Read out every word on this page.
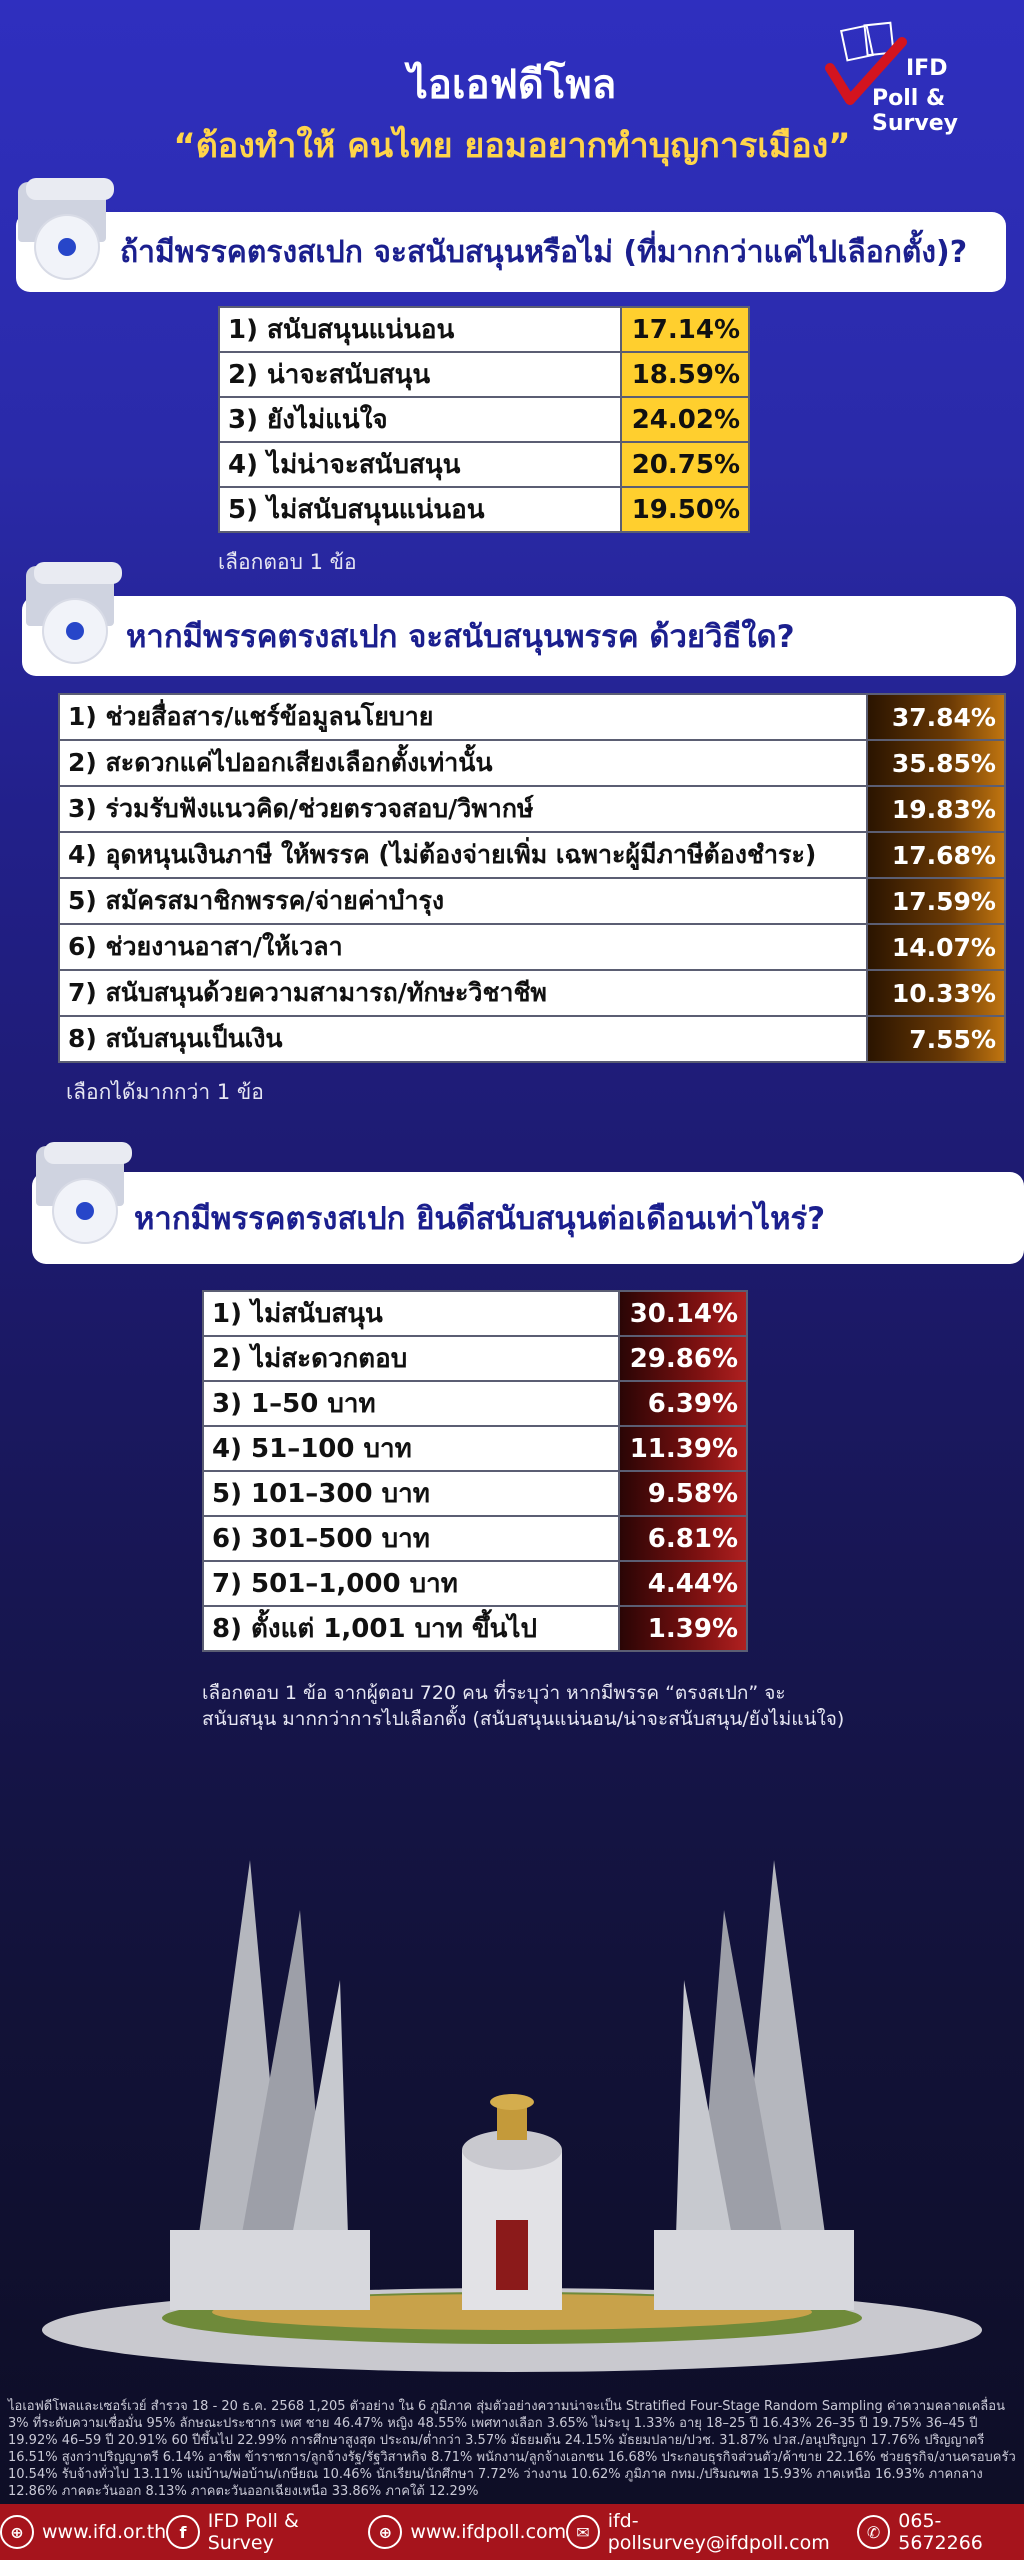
ไอเอฟดีโพล
“ต้องทำให้ คนไทย ยอมอยากทำบุญการเมือง”
IFD
Poll & Survey
ถ้ามีพรรคตรงสเปก จะสนับสนุนหรือไม่ (ที่มากกว่าแค่ไปเลือกตั้ง)?
1) สนับสนุนแน่นอน	17.14%
2) น่าจะสนับสนุน	18.59%
3) ยังไม่แน่ใจ	24.02%
4) ไม่น่าจะสนับสนุน	20.75%
5) ไม่สนับสนุนแน่นอน	19.50%
เลือกตอบ 1 ข้อ
หากมีพรรคตรงสเปก จะสนับสนุนพรรค ด้วยวิธีใด?
1) ช่วยสื่อสาร/แชร์ข้อมูลนโยบาย	37.84%
2) สะดวกแค่ไปออกเสียงเลือกตั้งเท่านั้น	35.85%
3) ร่วมรับฟังแนวคิด/ช่วยตรวจสอบ/วิพากษ์	19.83%
4) อุดหนุนเงินภาษี ให้พรรค (ไม่ต้องจ่ายเพิ่ม เฉพาะผู้มีภาษีต้องชำระ)	17.68%
5) สมัครสมาชิกพรรค/จ่ายค่าบำรุง	17.59%
6) ช่วยงานอาสา/ให้เวลา	14.07%
7) สนับสนุนด้วยความสามารถ/ทักษะวิชาชีพ	10.33%
8) สนับสนุนเป็นเงิน	7.55%
เลือกได้มากกว่า 1 ข้อ
หากมีพรรคตรงสเปก ยินดีสนับสนุนต่อเดือนเท่าไหร่?
1) ไม่สนับสนุน	30.14%
2) ไม่สะดวกตอบ	29.86%
3) 1–50 บาท	6.39%
4) 51–100 บาท	11.39%
5) 101–300 บาท	9.58%
6) 301–500 บาท	6.81%
7) 501–1,000 บาท	4.44%
8) ตั้งแต่ 1,001 บาท ขึ้นไป	1.39%
เลือกตอบ 1 ข้อ จากผู้ตอบ 720 คน ที่ระบุว่า หากมีพรรค “ตรงสเปก” จะ สนับสนุน มากกว่าการไปเลือกตั้ง (สนับสนุนแน่นอน/น่าจะสนับสนุน/ยังไม่แน่ใจ)
ไอเอฟดีโพลและเซอร์เวย์ สำรวจ 18 - 20 ธ.ค. 2568 1,205 ตัวอย่าง ใน 6 ภูมิภาค สุ่มตัวอย่างความน่าจะเป็น Stratified Four-Stage Random Sampling ค่าความคลาดเคลื่อน 3% ที่ระดับความเชื่อมั่น 95% ลักษณะประชากร เพศ ชาย 46.47% หญิง 48.55% เพศทางเลือก 3.65% ไม่ระบุ 1.33% อายุ 18–25 ปี 16.43% 26–35 ปี 19.75% 36–45 ปี 19.92% 46–59 ปี 20.91% 60 ปีขึ้นไป 22.99% การศึกษาสูงสุด ประถม/ต่ำกว่า 3.57% มัธยมต้น 24.15% มัธยมปลาย/ปวช. 31.87% ปวส./อนุปริญญา 17.76% ปริญญาตรี 16.51% สูงกว่าปริญญาตรี 6.14% อาชีพ ข้าราชการ/ลูกจ้างรัฐ/รัฐวิสาหกิจ 8.71% พนักงาน/ลูกจ้างเอกชน 16.68% ประกอบธุรกิจส่วนตัว/ค้าขาย 22.16% ช่วยธุรกิจ/งานครอบครัว 10.54% รับจ้างทั่วไป 13.11% แม่บ้าน/พ่อบ้าน/เกษียณ 10.46% นักเรียน/นักศึกษา 7.72% ว่างงาน 10.62% ภูมิภาค กทม./ปริมณฑล 15.93% ภาคเหนือ 16.93% ภาคกลาง 12.86% ภาคตะวันออก 8.13% ภาคตะวันออกเฉียงเหนือ 33.86% ภาคใต้ 12.29%
⊕ www.ifd.or.th f	IFD Poll & Survey	⊕ www.ifdpoll.com ✉ ifd-pollsurvey@ifdpoll.com	✆ 065-5672266
